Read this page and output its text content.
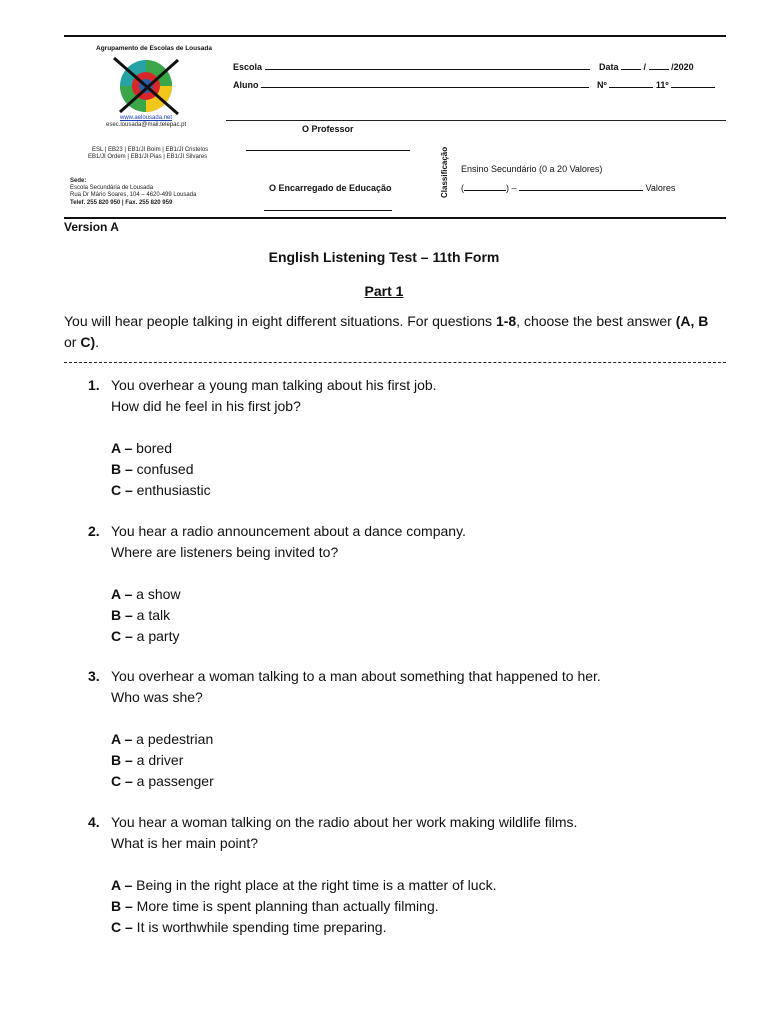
Agrupamento de Escolas de Lousada
www.aelousada.net
esec.lousada@mail.telepac.pt
ESL | EB23 | EB1/JI Boim | EB1/JI Cristelos
EB1/JI Ordem | EB1/JI Pias | EB1/JI Silvares
Sede:
Escola Secundária de Lousada
Rua Dr Mário Soares, 104 – 4620-499 Lousada
Telef. 255 820 950 | Fax. 255 820 959
Escola	Data	/	/2020
Aluno	Nº	11º
O Professor
O Encarregado de Educação	Classificação Ensino Secundário (0 a 20 Valores)
(	) –	Valores
Version A
English Listening Test – 11th Form
Part 1
You will hear people talking in eight different situations. For questions 1-8, choose the best answer (A, B or C).
1. You overhear a young man talking about his first job.
How did he feel in his first job?
A – bored
B – confused
C – enthusiastic
2. You hear a radio announcement about a dance company.
Where are listeners being invited to?
A – a show
B – a talk
C – a party
3. You overhear a woman talking to a man about something that happened to her.
Who was she?
A – a pedestrian
B – a driver
C – a passenger
4. You hear a woman talking on the radio about her work making wildlife films.
What is her main point?
A – Being in the right place at the right time is a matter of luck.
B – More time is spent planning than actually filming.
C – It is worthwhile spending time preparing.
